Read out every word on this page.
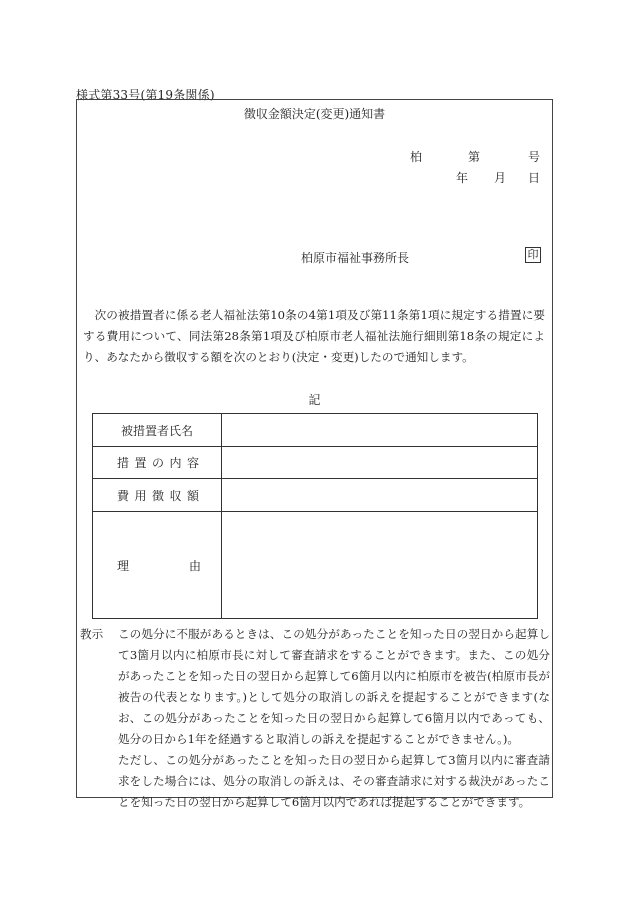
様式第33号(第19条関係)
徴収金額決定(変更)通知書
柏	第	号
年 月 日
柏原市福祉事務所長	印

次の被措置者に係る老人福祉法第10条の4第1項及び第11条第1項に規定する措置に要する費用について、同法第28条第1項及び柏原市老人福祉法施行細則第18条の規定により、あなたから徴収する額を次のとおり(決定・変更)したので通知します。

記
被措置者氏名	

措 置 の 内 容	

費 用 徴 収 額	

理 由	

教示 この処分に不服があるときは、この処分があったことを知った日の翌日から起算して3箇月以内に柏原市長に対して審査請求をすることができます。また、この処分があったことを知った日の翌日から起算して6箇月以内に柏原市を被告(柏原市長が被告の代表となります。)として処分の取消しの訴えを提起することができます(なお、この処分があったことを知った日の翌日から起算して6箇月以内であっても、処分の日から1年を経過すると取消しの訴えを提起することができません。)。
ただし、この処分があったことを知った日の翌日から起算して3箇月以内に審査請求をした場合には、処分の取消しの訴えは、その審査請求に対する裁決があったことを知った日の翌日から起算して6箇月以内であれば提起することができます。
